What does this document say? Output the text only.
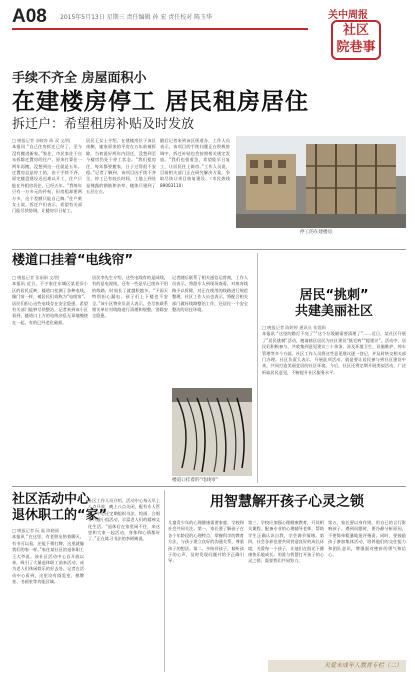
A08 2015年5月13日 星期三 责任编辑 孙 宏 责任校对 陈玉华	关中周报
社区
院巷事
手续不齐全 房屋面积小
在建楼房停工 居民租房居住
拆迁户：希望租房补贴及时发放
□ 晚报记者 杂晓容 陈 双 文/图
本报讯 “自己住房拆迁已经了，至今没有搬进新家。”家住，市民家住于自未拆除迁置房的住户。原来打算住一两年再搬，没想到这一住就是五年。迁置房总是停工的，由于手续不齐，原定楼盘建设迟迟难以开工，住户只能在外租房居住，已经五年。“我每年只有一万多元的补贴，但房租却要两万多，这个差额只能自己掏。”住户黄女士说。拆迁户们表示，希望有关部门能尽快协调，让楼房早日复工。
居民王女士介绍，在建楼房位于该区南侧，她家原来的平房在五年前被拆除，当初说好两年内回迁，没想到至今楼房仍处于停工状态。“我们租房住，每年都要搬家，日子过得很不安稳。”记者了解到，该项目因手续不齐全，停工已有较长时间，工地上到处是裸露的钢筋和杂草，楼体只建到了五层左右。
随后记者来到该区街道办，工作人员表示，该项目的手续问题正在积极协调中，拆迁补贴也会按照相关规定发放。“我们也很着急，希望能早日复工，让居民住上新房。”工作人员说，目前相关部门正在研究解决方案，争取尽快让项目恢复建设。（市民热线 89003110）
停工的在建楼房
楼道口挂着“电线帘”
□ 晚报记者 张丽娟 文/图
本报讯 近日，不少家住东城区某老旧小区的居民反映，楼道口挂满了各种电线，像门帘一样，被居民们戏称为“电线帘”。居民们担心这些电线存在安全隐患，希望有关部门能够尽快整治。记者来到该小区看到，楼道口上方的电线杂乱无章地缠绕在一起，有的已经老化破损。
居民李先生介绍，这些电线有的是网线，有的是电视线，还有一些是早已废弃不用的线路，时间长了就越积越多。“下雨天特别担心漏电，孩子们上下楼也不安全。”该小区物业负责人表示，会尽快联系相关单位对线路进行清理和规整，消除安全隐患。
记者随后联系了相关通信运营商，工作人员表示，将派专人到现场查看，对废弃线路予以拆除，对正在使用的线路进行规范整理。社区工作人员也表示，将配合相关部门做好线路整治工作，还居民一个安全整洁的居住环境。
楼道口挂着的“电线帘”
居民“挑刺”
共建美丽社区
□ 晚报记者 陈婷婷 通讯员 张霞娟
本报讯 “这里的路灯不亮了”“这个垃圾桶需要清理了”……近日，某社区开展了“居民挑刺”活动，邀请辖区居民为社区建设“挑毛病”“提建议”。活动中，居民们积极参与，共收集到意见建议三十余条，涉及环境卫生、设施维护、停车管理等多个方面。社区工作人员将这些意见建议逐一登记，并及时转交相关部门办理。社区负责人表示，开展此项活动，就是要让居民参与到社区建设中来，共同打造美丽宜居的社区环境。今后，社区还将定期开展类似活动，广泛听取居民意见，不断提升社区服务水平。
社区活动中心
退休职工的“家”
□ 晚报记者 阮 磊 陈晓丽
本报讯 “在这里，有老朋友陪着聊天，有书可以看，还能下棋打牌，这里就像我们的家一样。”家住某社区的退休职工王大爷说。该社区活动中心自开放以来，吸引了大量退休职工前来活动，成为老人们休闲娱乐的好去处。记者在活动中心看到，这里设有阅览室、棋牌室、书画室等功能区域。
社区工作人员介绍，活动中心每天早上八点开放，晚上八点关闭，配有专人管理。中心还定期组织书法、绘画、合唱等兴趣小组活动，丰富老人们的精神文化生活。“退休后在家里闲不住，来这里和大家一起活动，身体和心情都好了。”正在练习书法的李阿姨说。
用智慧解开孩子心灵之锁
儿童青少年的心理健康需要家庭、学校和社会共同关注。第一，家长要了解孩子在各个年龄段的心理特点，掌握科学的教育方法，与孩子建立良好的沟通关系，尊重孩子的想法。第二，多陪伴孩子，倾听孩子的心声，及时发现问题并给予正确引导。
第三，学校应加强心理健康教育，开设相关课程，配备专业的心理辅导老师，帮助学生正确认识自我，学会调节情绪。第四，社会各界也要共同营造良好的成长环境，关爱每一个孩子，让他们在阳光下健康快乐地成长。用爱与智慧打开孩子的心灵之锁，需要我们共同努力。
第五，家长要以身作则，用自己的言行影响孩子。遇到问题时，要冷静分析原因，不要简单粗暴地批评指责。同时，要鼓励孩子参加集体活动，培养他们的交往能力和团队意识，增强面对挫折的勇气和信心。
关爱未成年人教育专栏（二）
